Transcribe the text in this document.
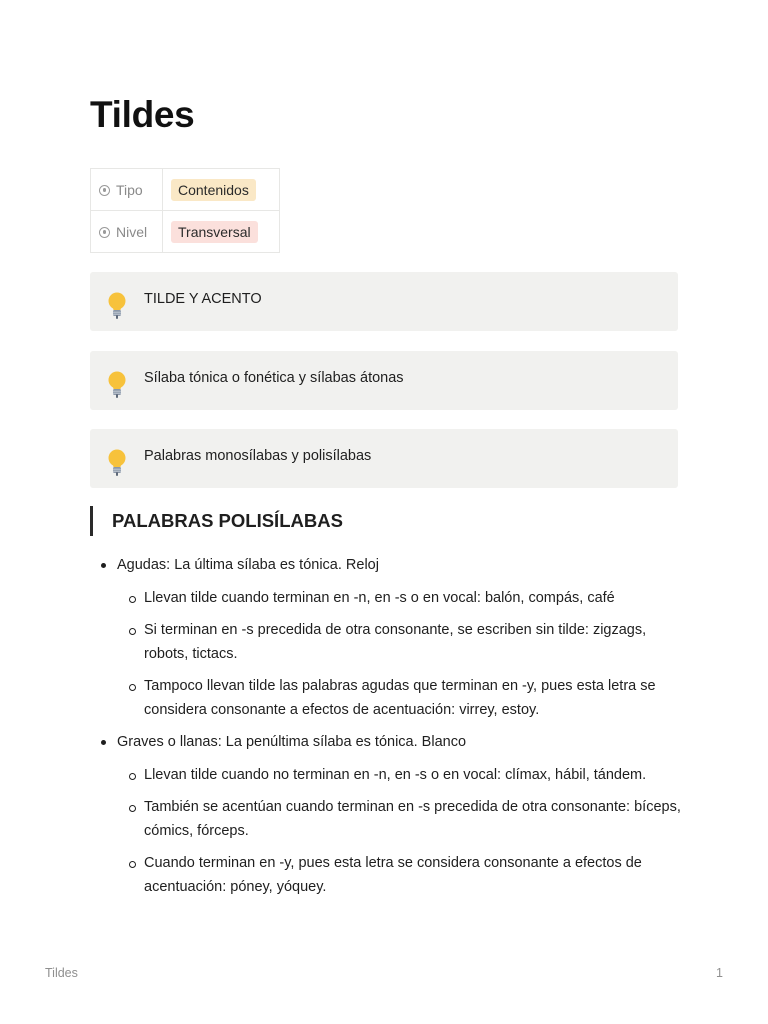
Tildes
Tipo	Contenidos
Nivel	Transversal
TILDE Y ACENTO
Sílaba tónica o fonética y sílabas átonas
Palabras monosílabas y polisílabas
PALABRAS POLISÍLABAS
Agudas: La última sílaba es tónica. Reloj
Llevan tilde cuando terminan en -n, en -s o en vocal: balón, compás, café
Si terminan en -s precedida de otra consonante, se escriben sin tilde: zigzags, robots, tictacs.
Tampoco llevan tilde las palabras agudas que terminan en -y, pues esta letra se considera consonante a efectos de acentuación: virrey, estoy.
Graves o llanas: La penúltima sílaba es tónica. Blanco
Llevan tilde cuando no terminan en -n, en -s o en vocal: clímax, hábil, tándem.
También se acentúan cuando terminan en -s precedida de otra consonante: bíceps, cómics, fórceps.
Cuando terminan en -y, pues esta letra se considera consonante a efectos de acentuación: póney, yóquey.
Tildes	1
